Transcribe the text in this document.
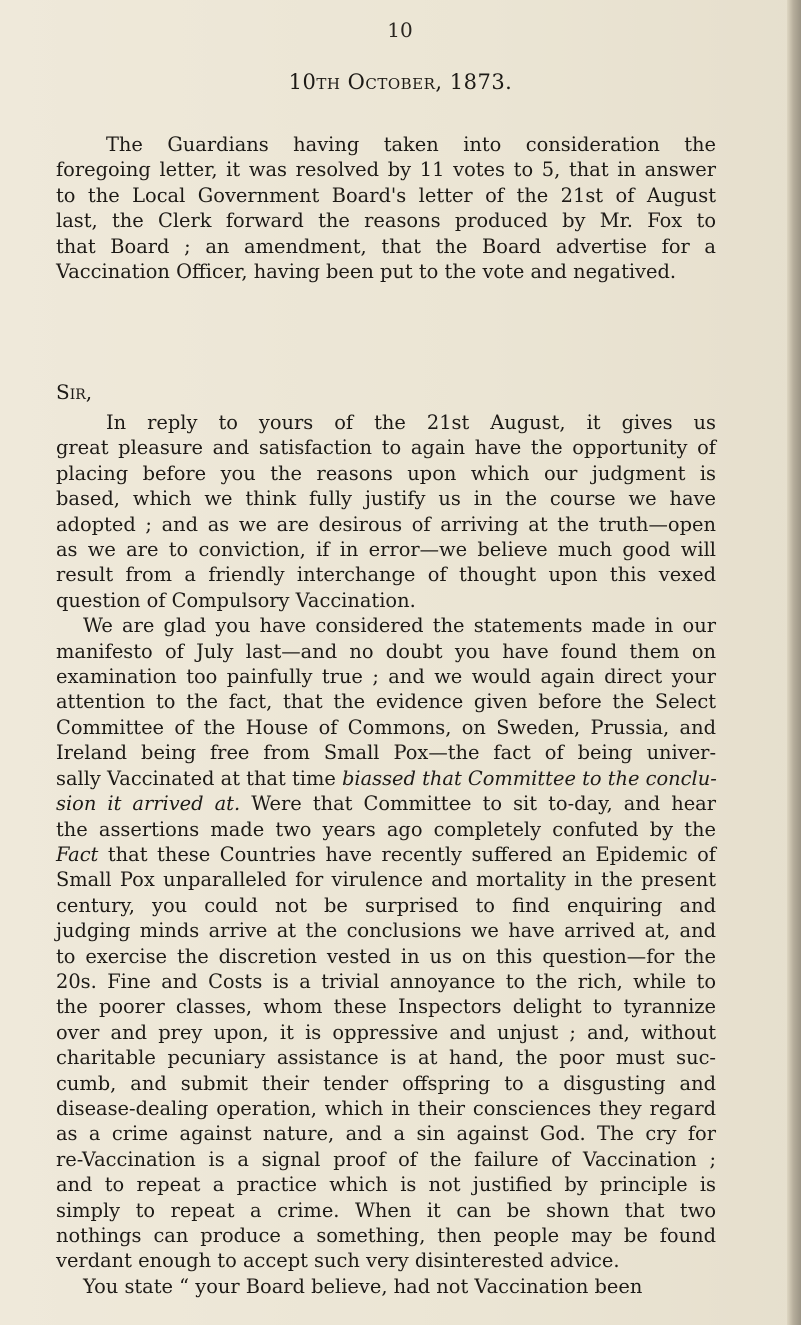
10
10th October, 1873.
The Guardians having taken into consideration the
foregoing letter, it was resolved by 11 votes to 5, that in answer
to the Local Government Board's letter of the 21st of August
last, the Clerk forward the reasons produced by Mr. Fox to
that Board ; an amendment, that the Board advertise for a
Vaccination Officer, having been put to the vote and negatived.
Sir,
In reply to yours of the 21st August, it gives us
great pleasure and satisfaction to again have the opportunity of
placing before you the reasons upon which our judgment is
based, which we think fully justify us in the course we have
adopted ; and as we are desirous of arriving at the truth—open
as we are to conviction, if in error—we believe much good will
result from a friendly interchange of thought upon this vexed
question of Compulsory Vaccination.
We are glad you have considered the statements made in our
manifesto of July last—and no doubt you have found them on
examination too painfully true ; and we would again direct your
attention to the fact, that the evidence given before the Select
Committee of the House of Commons, on Sweden, Prussia, and
Ireland being free from Small Pox—the fact of being univer-
sally Vaccinated at that time biassed that Committee to the conclu-
sion it arrived at. Were that Committee to sit to-day, and hear
the assertions made two years ago completely confuted by the
Fact that these Countries have recently suffered an Epidemic of
Small Pox unparalleled for virulence and mortality in the present
century, you could not be surprised to find enquiring and
judging minds arrive at the conclusions we have arrived at, and
to exercise the discretion vested in us on this question—for the
20s. Fine and Costs is a trivial annoyance to the rich, while to
the poorer classes, whom these Inspectors delight to tyrannize
over and prey upon, it is oppressive and unjust ; and, without
charitable pecuniary assistance is at hand, the poor must suc-
cumb, and submit their tender offspring to a disgusting and
disease-dealing operation, which in their consciences they regard
as a crime against nature, and a sin against God. The cry for
re-Vaccination is a signal proof of the failure of Vaccination ;
and to repeat a practice which is not justified by principle is
simply to repeat a crime. When it can be shown that two
nothings can produce a something, then people may be found
verdant enough to accept such very disinterested advice.
You state “ your Board believe, had not Vaccination been
